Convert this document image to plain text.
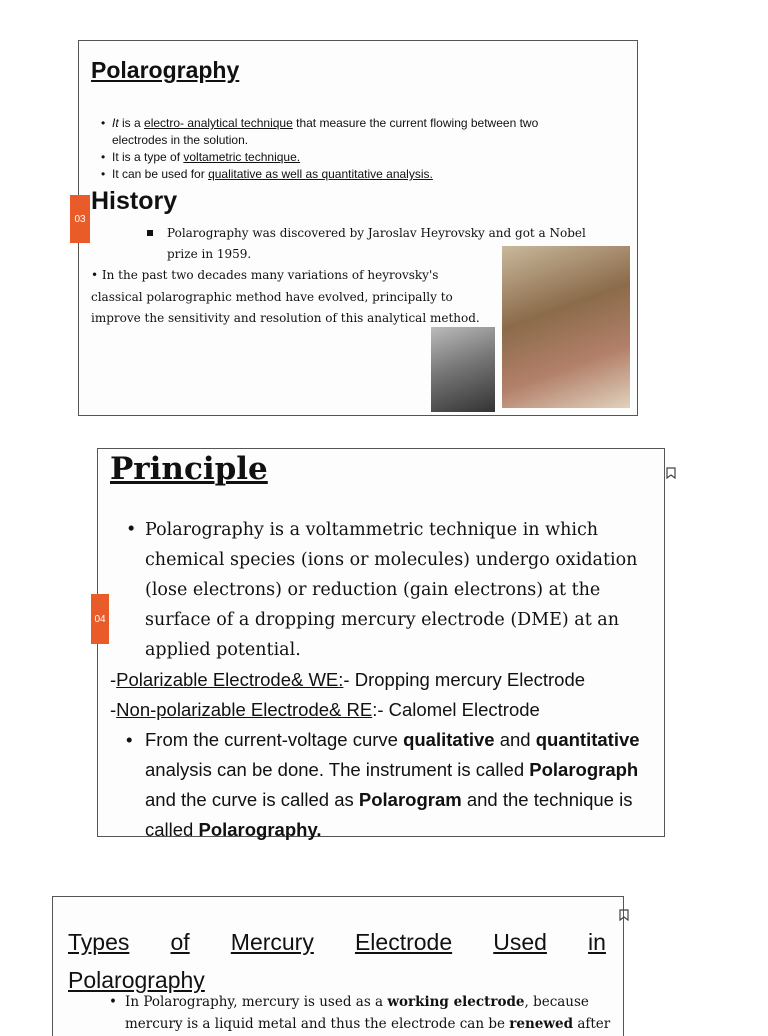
Polarography
• It is a electro- analytical technique that measure the current flowing between two electrodes in the solution.
• It is a type of voltametric technique.
• It can be used for qualitative as well as quantitative analysis.
History
Polarography was discovered by Jaroslav Heyrovsky and got a Nobel prize in 1959.
• In the past two decades many variations of heyrovsky's classical polarographic method have evolved, principally to improve the sensitivity and resolution of this analytical method.
03
Principle
• Polarography is a voltammetric technique in which chemical species (ions or molecules) undergo oxidation (lose electrons) or reduction (gain electrons) at the surface of a dropping mercury electrode (DME) at an applied potential.
-Polarizable Electrode& WE:- Dropping mercury Electrode
-Non-polarizable Electrode& RE:- Calomel Electrode
• From the current-voltage curve qualitative and quantitative analysis can be done. The instrument is called Polarograph and the curve is called as Polarogram and the technique is called Polarography.
04
Types of Mercury Electrode Used in
Polarography
• In Polarography, mercury is used as a working electrode, because mercury is a liquid metal and thus the electrode can be renewed after
